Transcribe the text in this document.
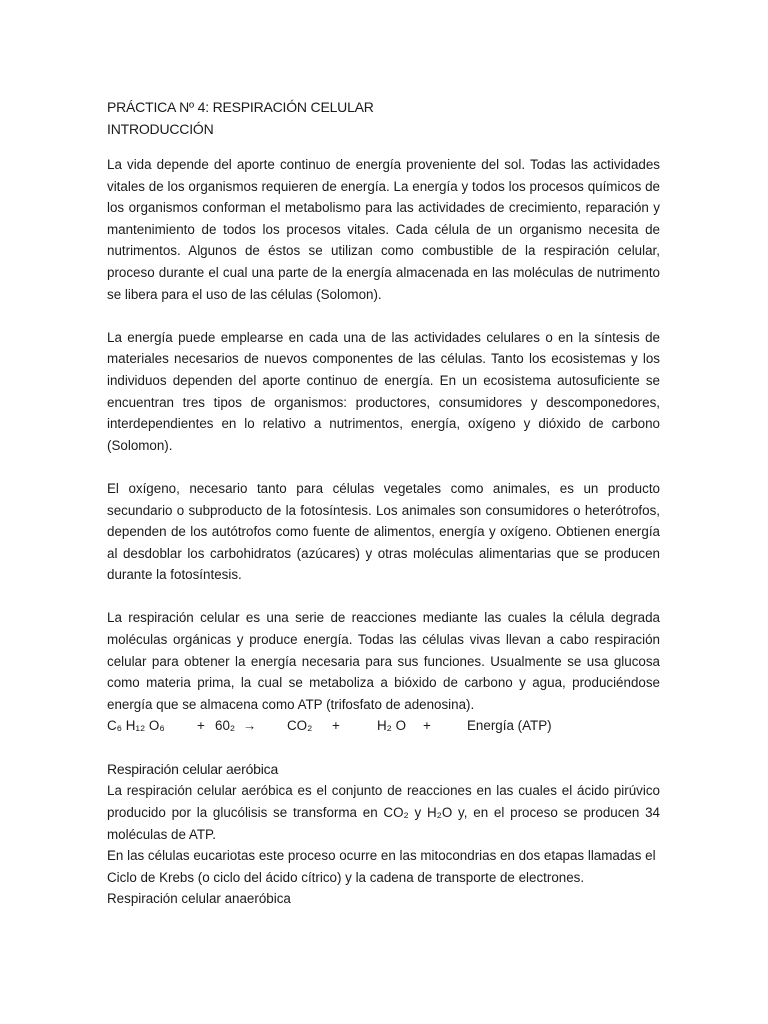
PRÁCTICA Nº 4: RESPIRACIÓN CELULAR
INTRODUCCIÓN

La vida depende del aporte continuo de energía proveniente del sol. Todas las actividades vitales de los organismos requieren de energía. La energía y todos los procesos químicos de los organismos conforman el metabolismo para las actividades de crecimiento, reparación y mantenimiento de todos los procesos vitales. Cada célula de un organismo necesita de nutrimentos. Algunos de éstos se utilizan como combustible de la respiración celular, proceso durante el cual una parte de la energía almacenada en las moléculas de nutrimento se libera para el uso de las células (Solomon).

La energía puede emplearse en cada una de las actividades celulares o en la síntesis de materiales necesarios de nuevos componentes de las células. Tanto los ecosistemas y los individuos dependen del aporte continuo de energía. En un ecosistema autosuficiente se encuentran tres tipos de organismos: productores, consumidores y descomponedores, interdependientes en lo relativo a nutrimentos, energía, oxígeno y dióxido de carbono (Solomon).

El oxígeno, necesario tanto para células vegetales como animales, es un producto secundario o subproducto de la fotosíntesis. Los animales son consumidores o heterótrofos, dependen de los autótrofos como fuente de alimentos, energía y oxígeno. Obtienen energía al desdoblar los carbohidratos (azúcares) y otras moléculas alimentarias que se producen durante la fotosíntesis.

La respiración celular es una serie de reacciones mediante las cuales la célula degrada moléculas orgánicas y produce energía. Todas las células vivas llevan a cabo respiración celular para obtener la energía necesaria para sus funciones. Usualmente se usa glucosa como materia prima, la cual se metaboliza a bióxido de carbono y agua, produciéndose energía que se almacena como ATP (trifosfato de adenosina).

C₆ H₁₂ O₆ + 60₂ → CO₂ +	H₂ O +	Energía (ATP)
Respiración celular aeróbica

La respiración celular aeróbica es el conjunto de reacciones en las cuales el ácido pirúvico producido por la glucólisis se transforma en CO₂ y H₂O y, en el proceso se producen 34 moléculas de ATP.

En las células eucariotas este proceso ocurre en las mitocondrias en dos etapas llamadas el Ciclo de Krebs (o ciclo del ácido cítrico) y la cadena de transporte de electrones.

Respiración celular anaeróbica
